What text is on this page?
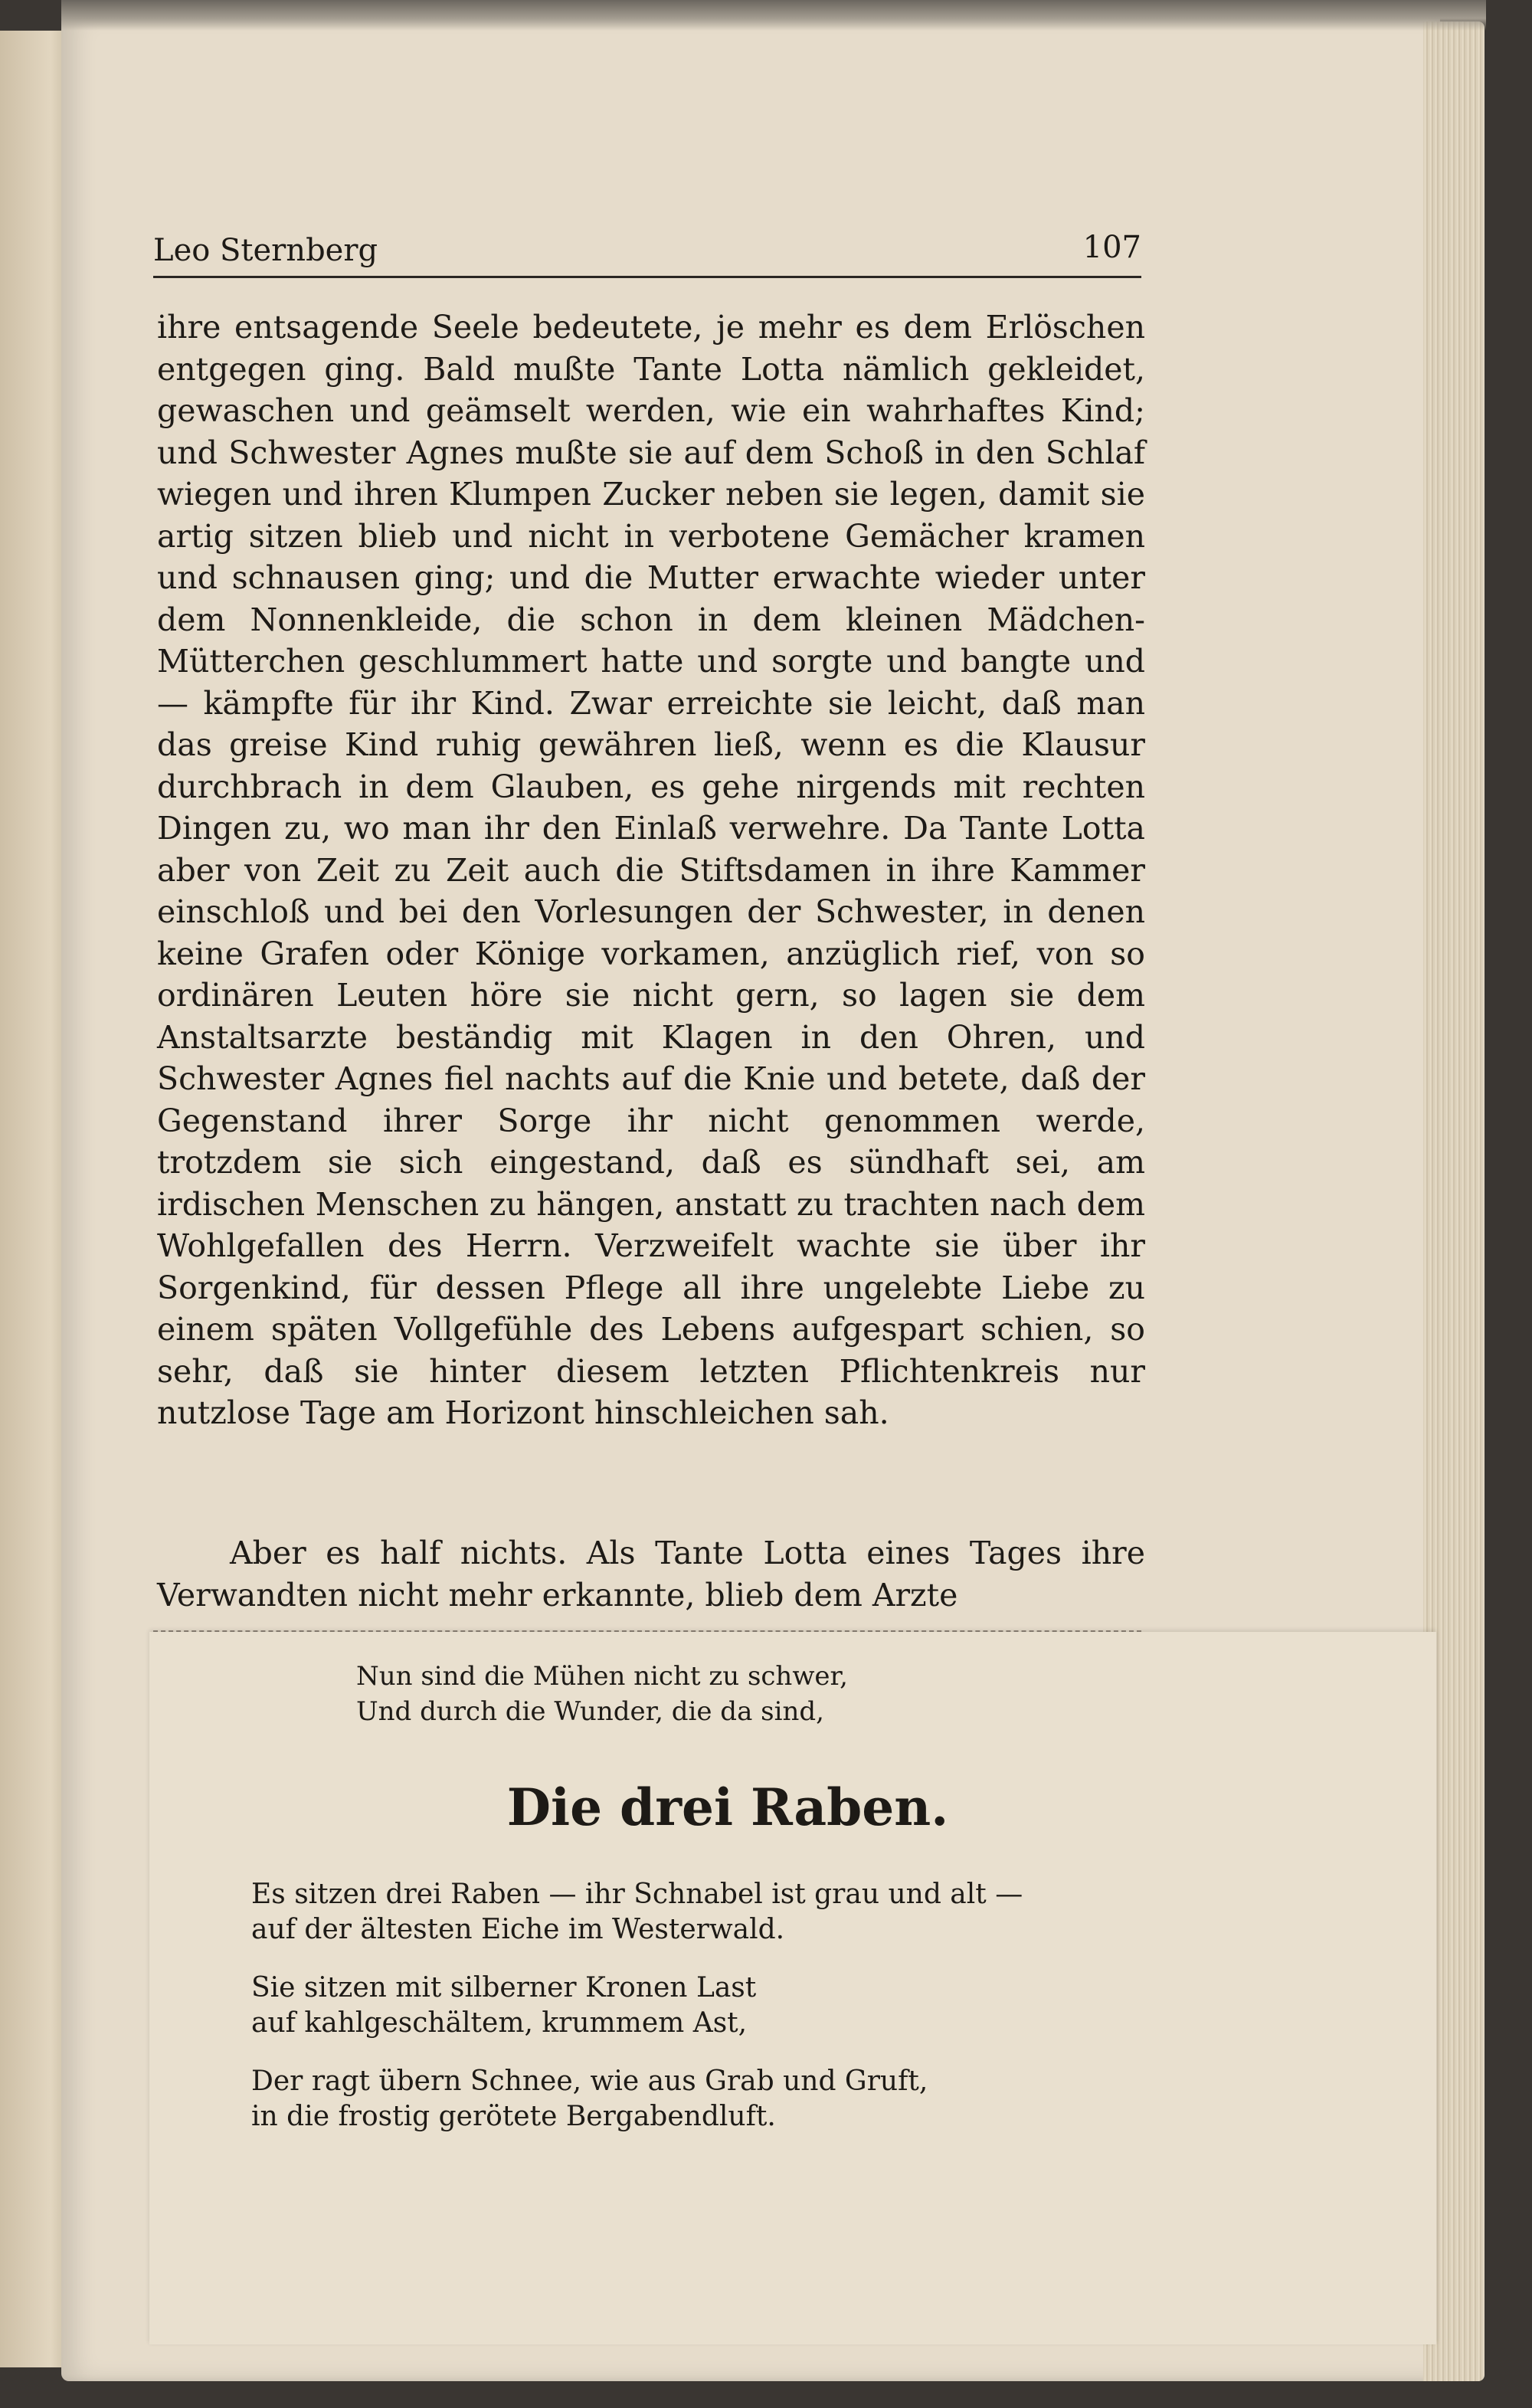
Leo Sternberg	107

ihre entsagende Seele bedeutete, je mehr es dem Erlöschen entgegen ging. Bald mußte Tante Lotta nämlich gekleidet, gewaschen und geämselt werden, wie ein wahrhaftes Kind; und Schwester Agnes mußte sie auf dem Schoß in den Schlaf wiegen und ihren Klumpen Zucker neben sie legen, damit sie artig sitzen blieb und nicht in verbotene Gemächer kramen und schnausen ging; und die Mutter erwachte wieder unter dem Nonnenkleide, die schon in dem kleinen Mädchen-Mütterchen geschlummert hatte und sorgte und bangte und — kämpfte für ihr Kind. Zwar erreichte sie leicht, daß man das greise Kind ruhig gewähren ließ, wenn es die Klausur durchbrach in dem Glauben, es gehe nirgends mit rechten Dingen zu, wo man ihr den Einlaß verwehre. Da Tante Lotta aber von Zeit zu Zeit auch die Stiftsdamen in ihre Kammer einschloß und bei den Vorlesungen der Schwester, in denen keine Grafen oder Könige vorkamen, anzüglich rief, von so ordinären Leuten höre sie nicht gern, so lagen sie dem Anstaltsarzte beständig mit Klagen in den Ohren, und Schwester Agnes fiel nachts auf die Knie und betete, daß der Gegenstand ihrer Sorge ihr nicht genommen werde, trotzdem sie sich eingestand, daß es sündhaft sei, am irdischen Menschen zu hängen, anstatt zu trachten nach dem Wohlgefallen des Herrn. Verzweifelt wachte sie über ihr Sorgenkind, für dessen Pflege all ihre ungelebte Liebe zu einem späten Vollgefühle des Lebens aufgespart schien, so sehr, daß sie hinter diesem letzten Pflichtenkreis nur nutzlose Tage am Horizont hinschleichen sah.

Aber es half nichts. Als Tante Lotta eines Tages ihre Verwandten nicht mehr erkannte, blieb dem Arzte

Nun sind die Mühen nicht zu schwer,
Und durch die Wunder, die da sind,
Die drei Raben.
Es sitzen drei Raben — ihr Schnabel ist grau und alt —
auf der ältesten Eiche im Westerwald.
Sie sitzen mit silberner Kronen Last
auf kahlgeschältem, krummem Ast,
Der ragt übern Schnee, wie aus Grab und Gruft,
in die frostig gerötete Bergabendluft.
